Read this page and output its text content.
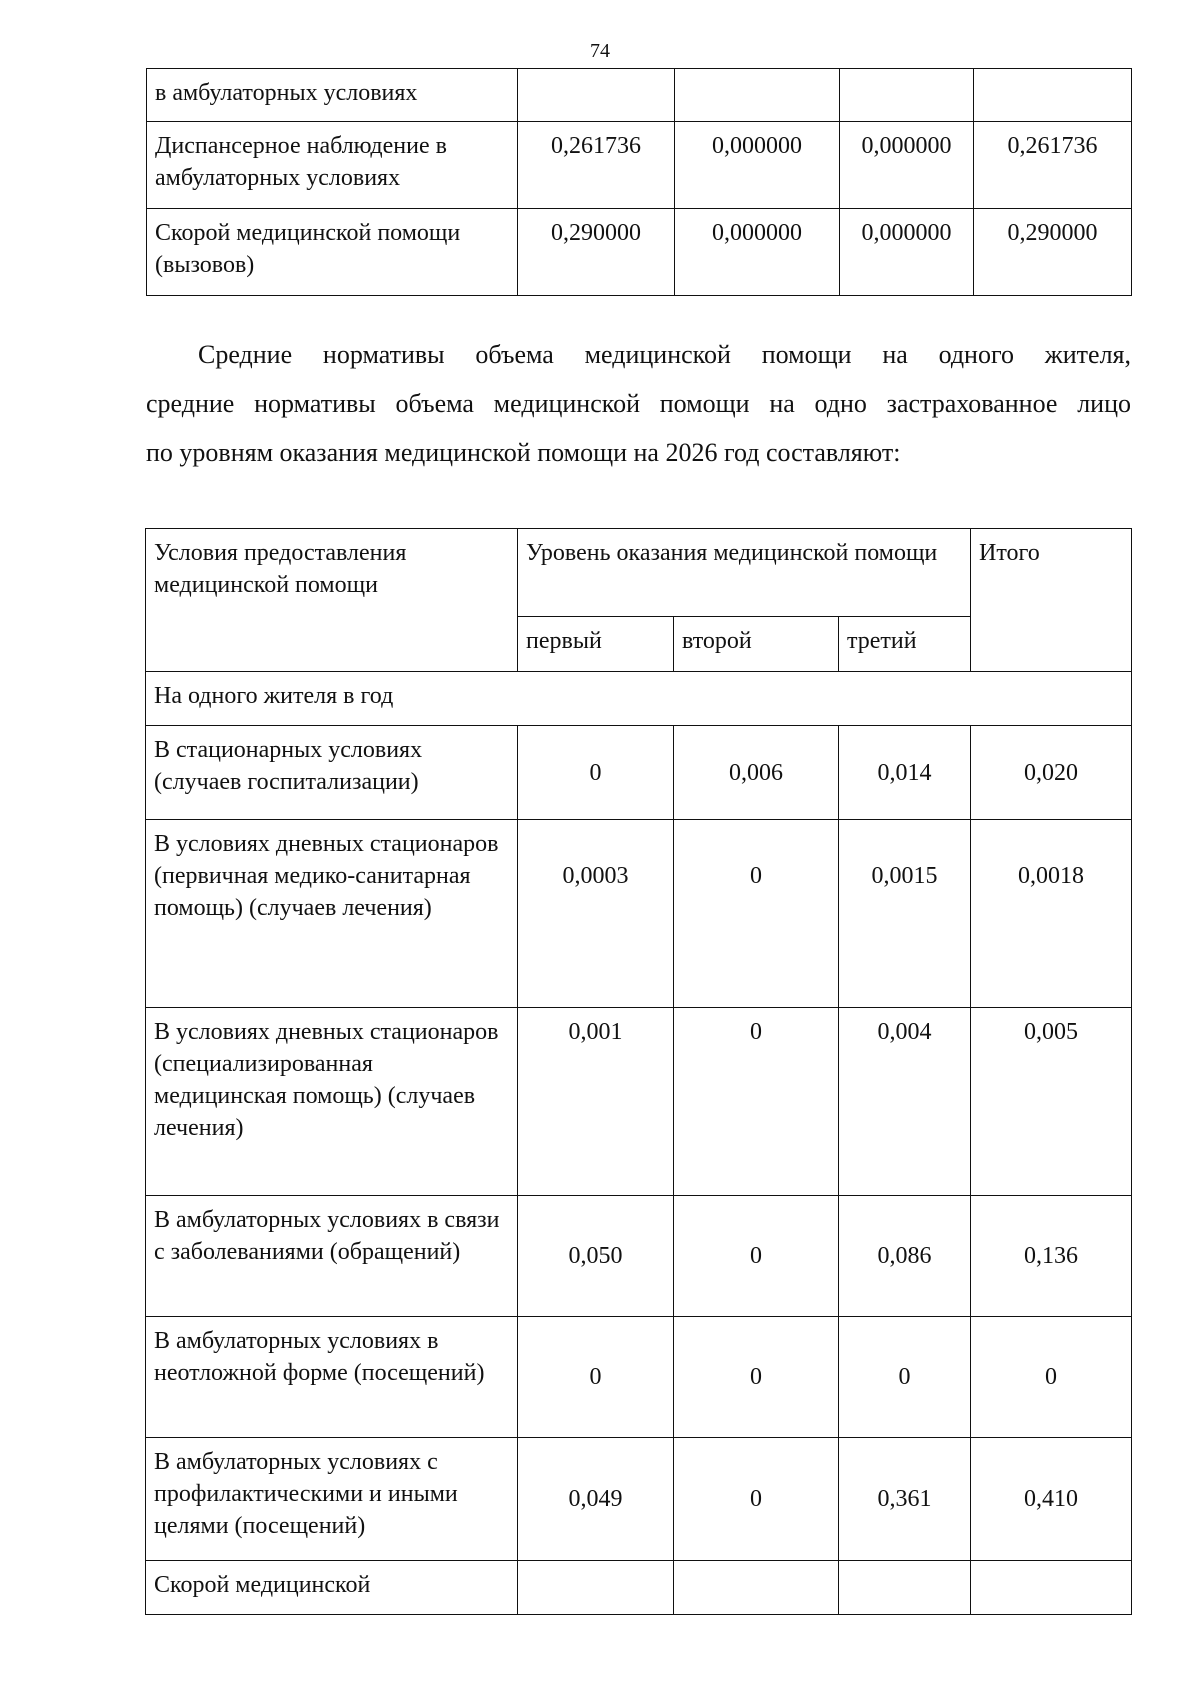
74
в амбулаторных условиях				
Диспансерное наблюдение в амбулаторных условиях	0,261736	0,000000	0,000000	0,261736
Скорой медицинской помощи (вызовов)	0,290000	0,000000	0,000000	0,290000
Средние нормативы объема медицинской помощи на одного жителя,
средние нормативы объема медицинской помощи на одно застрахованное лицо
по уровням оказания медицинской помощи на 2026 год составляют:
Условия предоставления медицинской помощи	Уровень оказания медицинской помощи			Итого
	первый	второй	третий	
На одного жителя в год				
В стационарных условиях (случаев госпитализации)	0	0,006	0,014	0,020
В условиях дневных стационаров (первичная медико-санитарная помощь) (случаев лечения)	0,0003	0	0,0015	0,0018
В условиях дневных стационаров (специализированная медицинская помощь) (случаев лечения)	0,001	0	0,004	0,005
В амбулаторных условиях в связи с заболеваниями (обращений)	0,050	0	0,086	0,136
В амбулаторных условиях в неотложной форме (посещений)	0	0	0	0
В амбулаторных условиях с профилактическими и иными целями (посещений)	0,049	0	0,361	0,410
Скорой медицинской				
